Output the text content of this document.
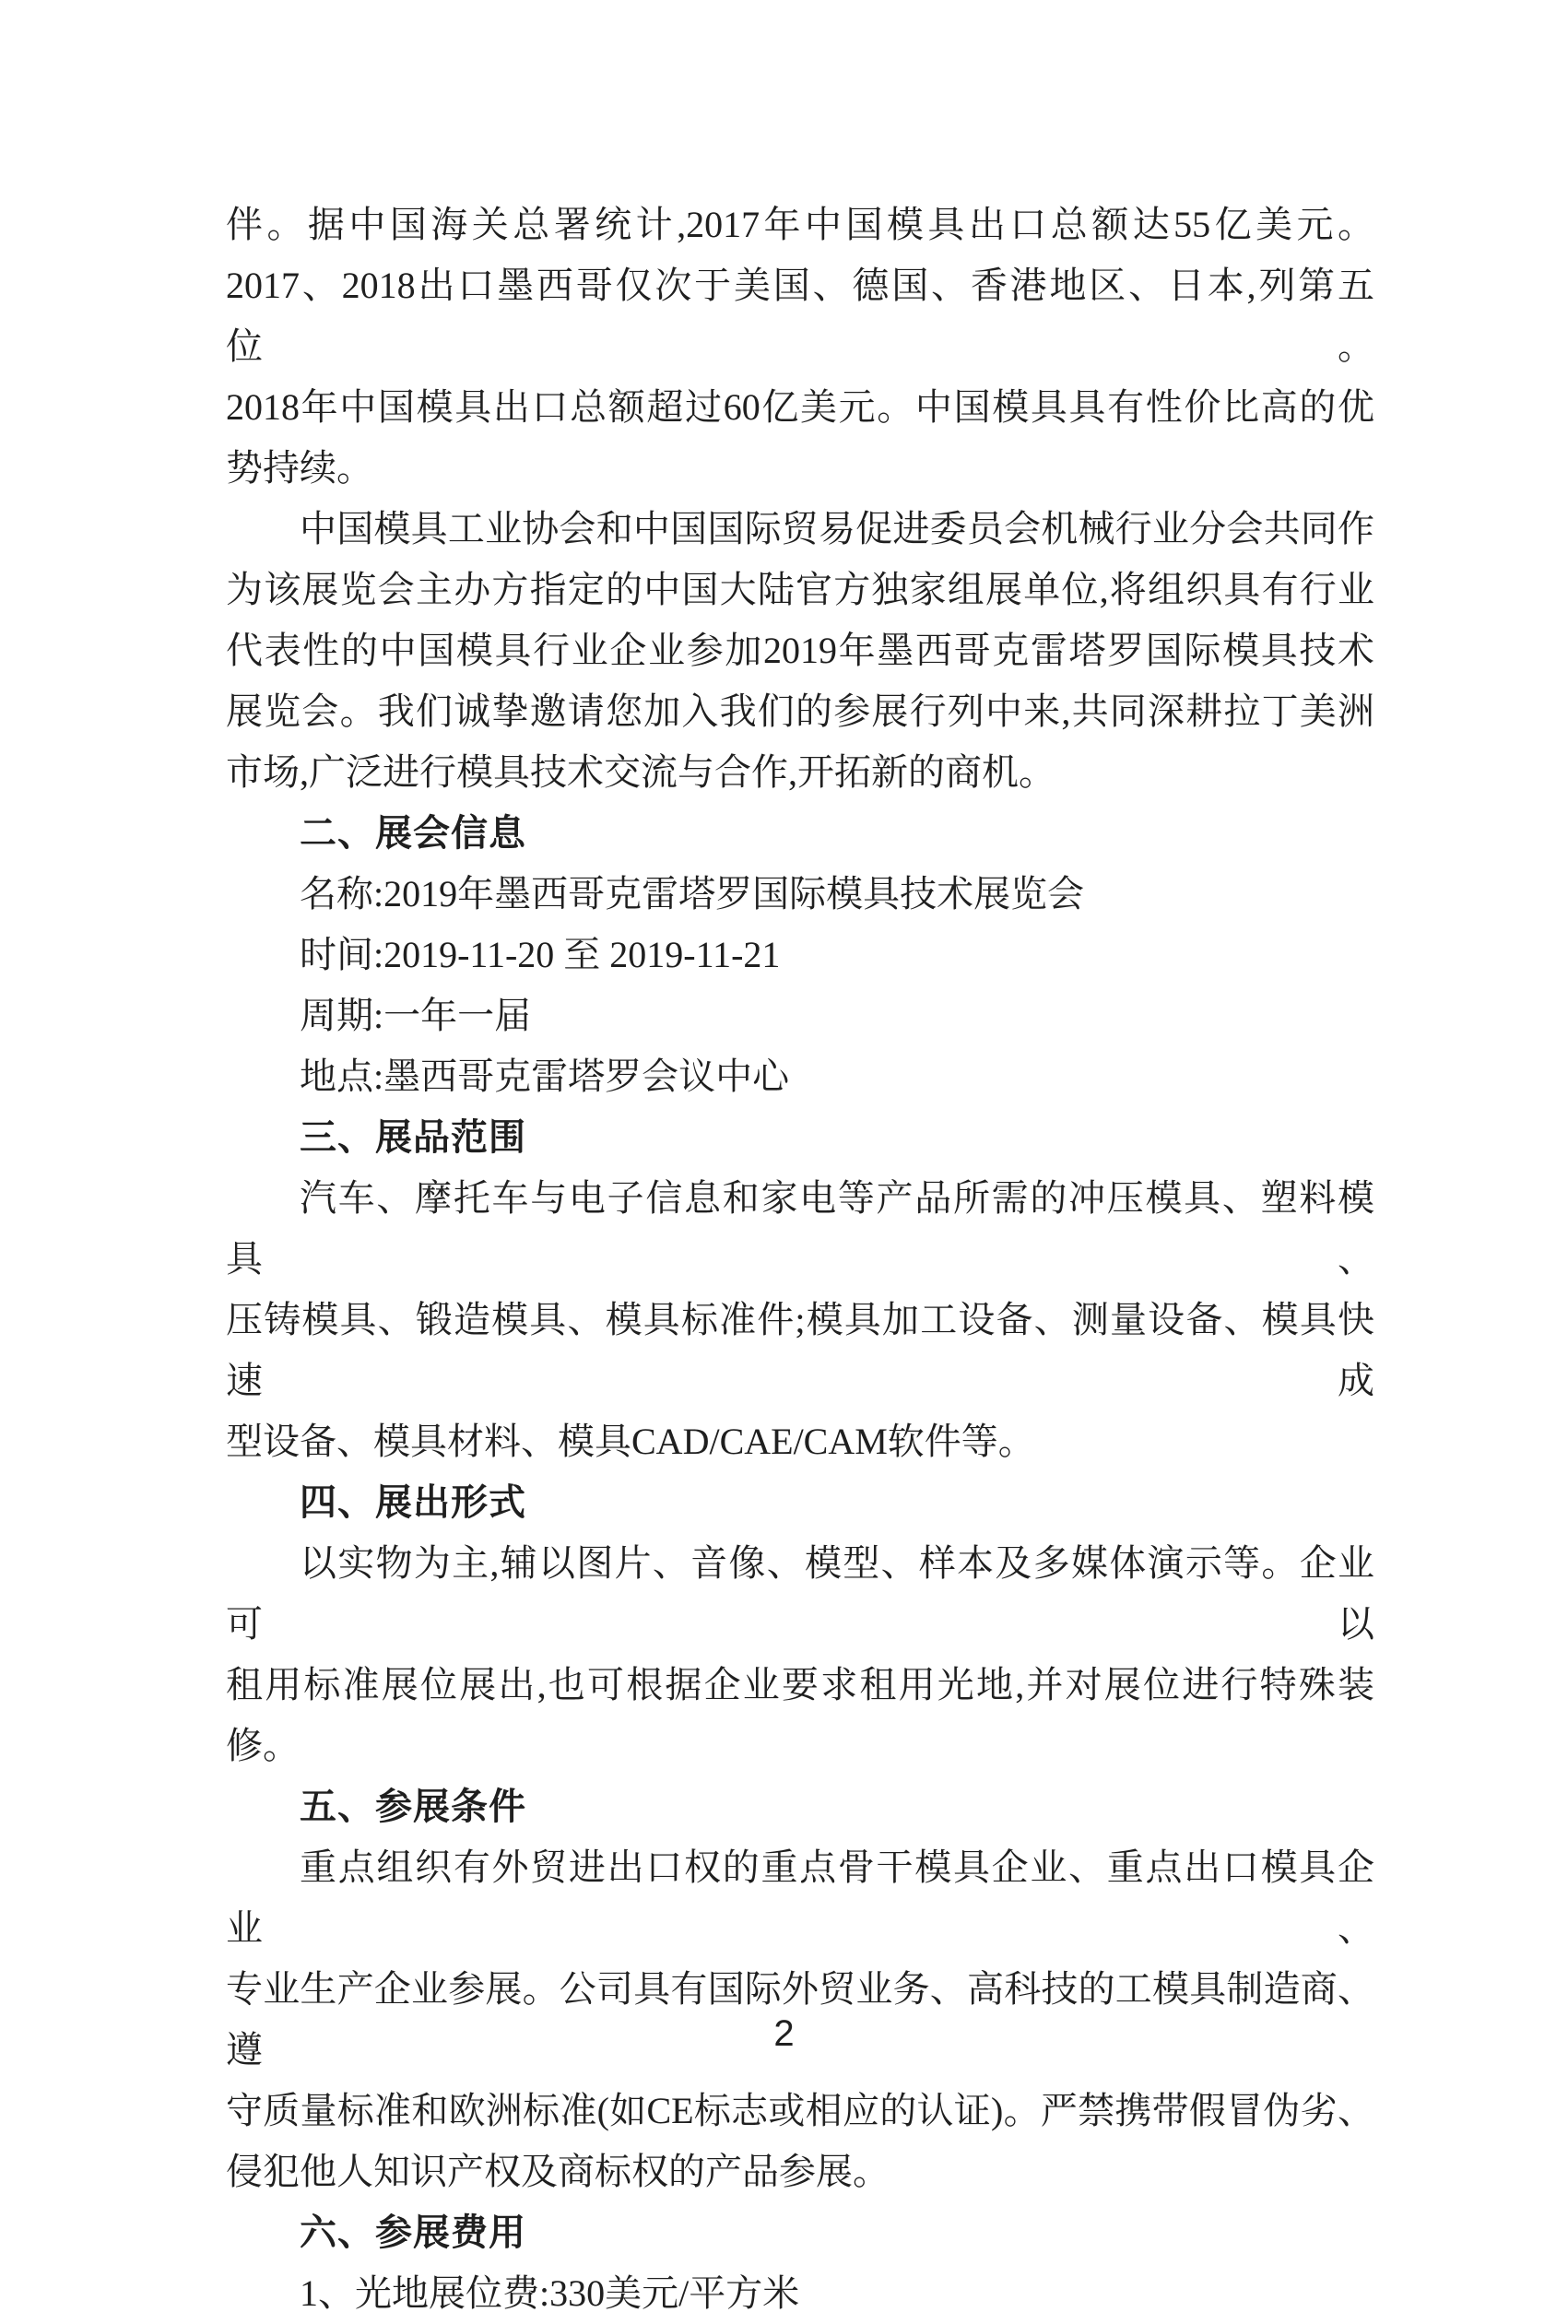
伴。据中国海关总署统计,2017年中国模具出口总额达55亿美元。
2017、2018出口墨西哥仅次于美国、德国、香港地区、日本,列第五位。
2018年中国模具出口总额超过60亿美元。中国模具具有性价比高的优
势持续。
中国模具工业协会和中国国际贸易促进委员会机械行业分会共同作
为该展览会主办方指定的中国大陆官方独家组展单位,将组织具有行业
代表性的中国模具行业企业参加2019年墨西哥克雷塔罗国际模具技术
展览会。我们诚挚邀请您加入我们的参展行列中来,共同深耕拉丁美洲
市场,广泛进行模具技术交流与合作,开拓新的商机。
二、展会信息
名称:2019年墨西哥克雷塔罗国际模具技术展览会
时间:2019-11-20 至 2019-11-21
周期:一年一届
地点:墨西哥克雷塔罗会议中心
三、展品范围
汽车、摩托车与电子信息和家电等产品所需的冲压模具、塑料模具、
压铸模具、锻造模具、模具标准件;模具加工设备、测量设备、模具快速成
型设备、模具材料、模具CAD/CAE/CAM软件等。
四、展出形式
以实物为主,辅以图片、音像、模型、样本及多媒体演示等。企业可以
租用标准展位展出,也可根据企业要求租用光地,并对展位进行特殊装
修。
五、参展条件
重点组织有外贸进出口权的重点骨干模具企业、重点出口模具企业、
专业生产企业参展。公司具有国际外贸业务、高科技的工模具制造商、遵
守质量标准和欧洲标准(如CE标志或相应的认证)。严禁携带假冒伪劣、
侵犯他人知识产权及商标权的产品参展。
六、参展费用
1、光地展位费:330美元/平方米
2
